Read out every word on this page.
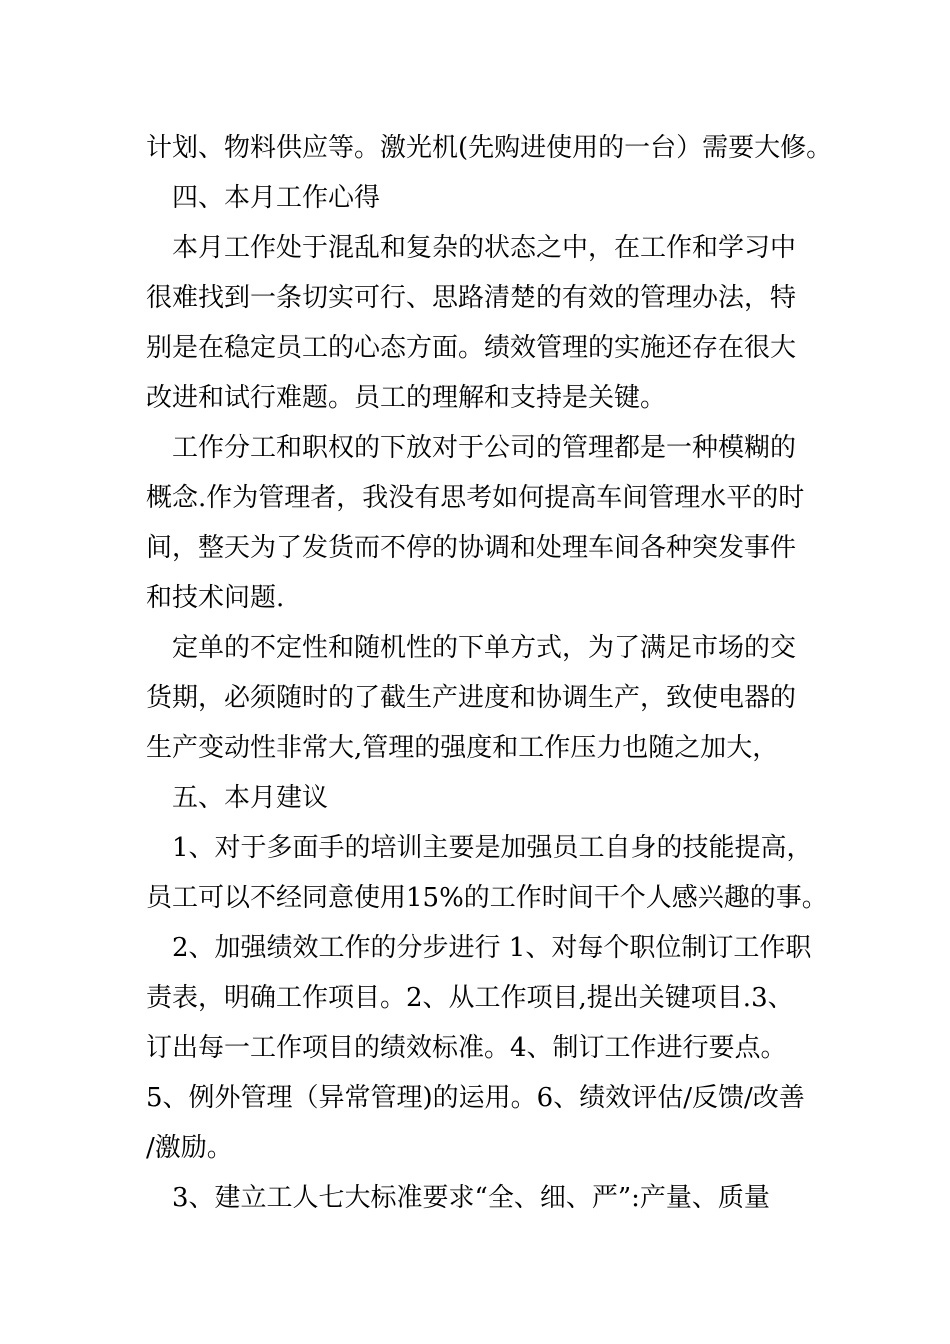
计划、物料供应等。激光机(先购进使用的一台）需要大修。
四、本月工作心得
本月工作处于混乱和复杂的状态之中，在工作和学习中
很难找到一条切实可行、思路清楚的有效的管理办法，特
别是在稳定员工的心态方面。绩效管理的实施还存在很大
改进和试行难题。员工的理解和支持是关键。
工作分工和职权的下放对于公司的管理都是一种模糊的
概念.作为管理者，我没有思考如何提高车间管理水平的时
间，整天为了发货而不停的协调和处理车间各种突发事件
和技术问题.
定单的不定性和随机性的下单方式，为了满足市场的交
货期，必须随时的了截生产进度和协调生产，致使电器的
生产变动性非常大,管理的强度和工作压力也随之加大，
五、本月建议
1、对于多面手的培训主要是加强员工自身的技能提高，
员工可以不经同意使用15%的工作时间干个人感兴趣的事。
2、加强绩效工作的分步进行 1、对每个职位制订工作职
责表，明确工作项目。2、从工作项目,提出关键项目.3、
订出每一工作项目的绩效标准。4、制订工作进行要点。
5、例外管理（异常管理)的运用。6、绩效评估/反馈/改善
/激励。
3、建立工人七大标准要求“全、细、严”:产量、质量
